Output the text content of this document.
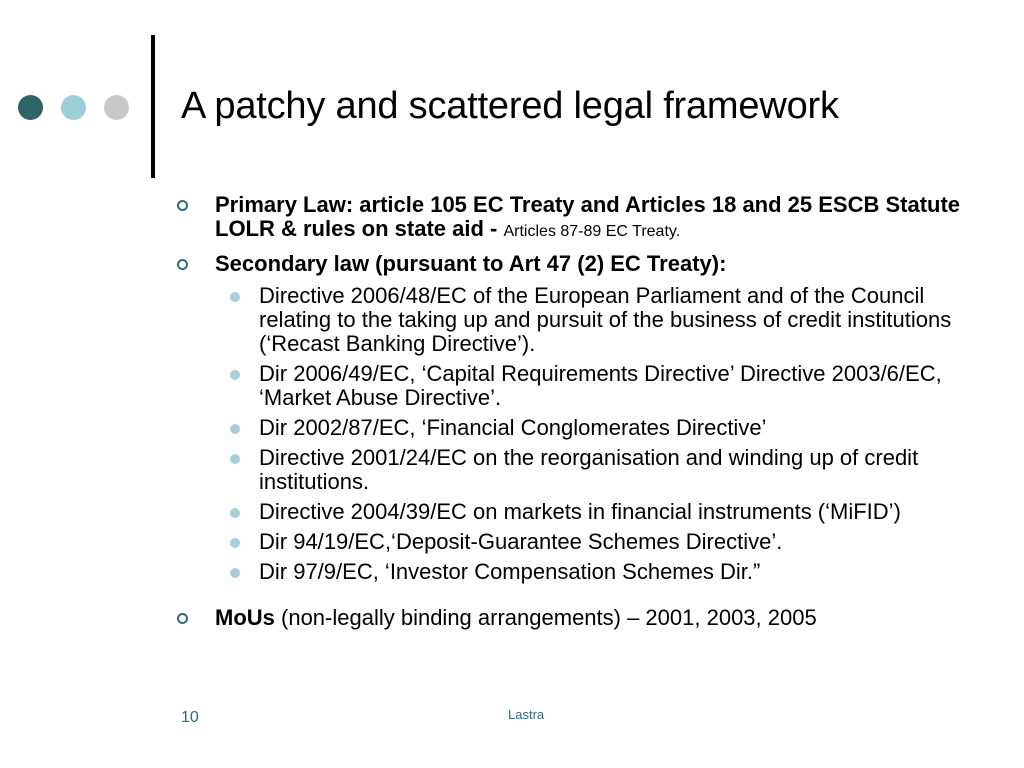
A patchy and scattered legal framework
Primary Law: article 105 EC Treaty and Articles 18 and 25 ESCB Statute LOLR & rules on state aid - Articles 87-89 EC Treaty.
Secondary law (pursuant to Art 47 (2) EC Treaty):
Directive 2006/48/EC of the European Parliament and of the Council relating to the taking up and pursuit of the business of credit institutions (‘Recast Banking Directive’).
Dir 2006/49/EC, ‘Capital Requirements Directive’ Directive 2003/6/EC, ‘Market Abuse Directive’.
Dir 2002/87/EC, ‘Financial Conglomerates Directive’
Directive 2001/24/EC on the reorganisation and winding up of credit institutions.
Directive 2004/39/EC on markets in financial instruments (‘MiFID’)
Dir 94/19/EC,‘Deposit-Guarantee Schemes Directive’.
Dir 97/9/EC, ‘Investor Compensation Schemes Dir.”
MoUs (non-legally binding arrangements) – 2001, 2003, 2005
10	Lastra
